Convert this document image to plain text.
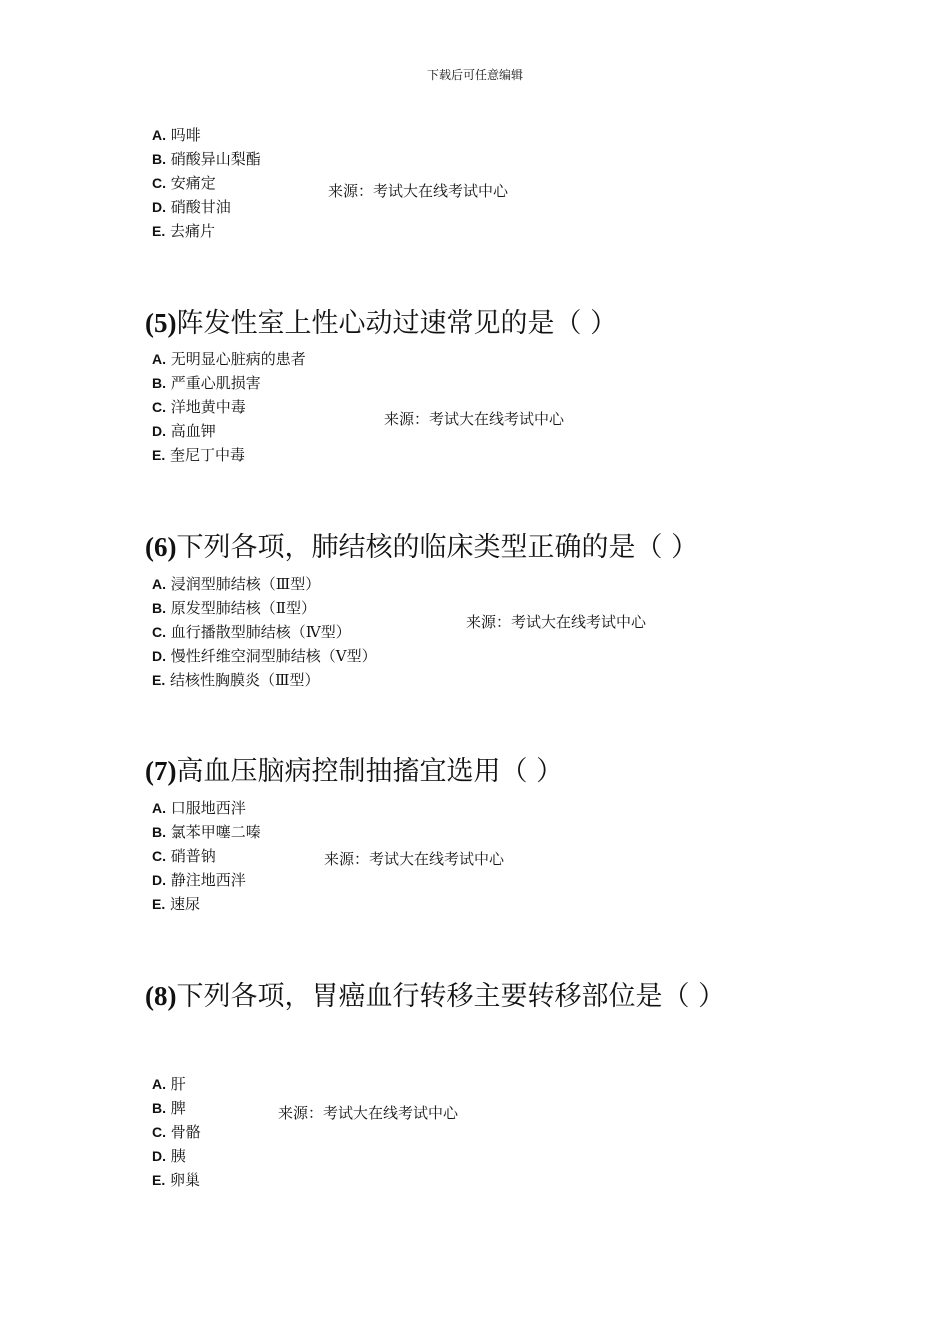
下载后可任意编辑
A. 吗啡
B. 硝酸异山梨酯
C. 安痛定
D. 硝酸甘油
E. 去痛片
来源：考试大在线考试中心
(5)阵发性室上性心动过速常见的是（ ）
A. 无明显心脏病的患者
B. 严重心肌损害
C. 洋地黄中毒
D. 高血钾
E. 奎尼丁中毒
来源：考试大在线考试中心
(6)下列各项，肺结核的临床类型正确的是（ ）
A. 浸润型肺结核（Ⅲ型）
B. 原发型肺结核（Ⅱ型）
C. 血行播散型肺结核（Ⅳ型）
D. 慢性纤维空洞型肺结核（V型）
E. 结核性胸膜炎（Ⅲ型）
来源：考试大在线考试中心
(7)高血压脑病控制抽搐宜选用（ ）
A. 口服地西泮
B. 氯苯甲噻二嗪
C. 硝普钠
D. 静注地西泮
E. 速尿
来源：考试大在线考试中心
(8)下列各项，胃癌血行转移主要转移部位是（ ）
A. 肝
B. 脾
C. 骨骼
D. 胰
E. 卵巢
来源：考试大在线考试中心
